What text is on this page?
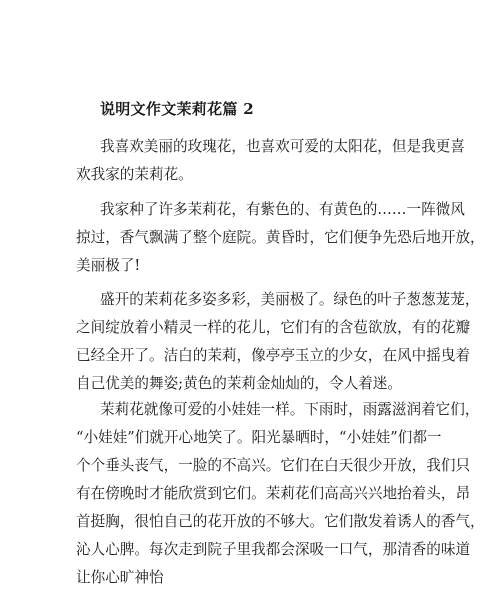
说明文作文茉莉花篇 2
我喜欢美丽的玫瑰花，也喜欢可爱的太阳花，但是我更喜
欢我家的茉莉花。
我家种了许多茉莉花，有紫色的、有黄色的……一阵微风
掠过，香气飘满了整个庭院。黄昏时，它们便争先恐后地开放，
美丽极了!
盛开的茉莉花多姿多彩，美丽极了。绿色的叶子葱葱茏茏，
之间绽放着小精灵一样的花儿，它们有的含苞欲放，有的花瓣
已经全开了。洁白的茉莉，像亭亭玉立的少女，在风中摇曳着
自己优美的舞姿;黄色的茉莉金灿灿的，令人着迷。
茉莉花就像可爱的小娃娃一样。下雨时，雨露滋润着它们，
“小娃娃”们就开心地笑了。阳光暴晒时，“小娃娃”们都一
个个垂头丧气，一脸的不高兴。它们在白天很少开放，我们只
有在傍晚时才能欣赏到它们。茉莉花们高高兴兴地抬着头，昂
首挺胸，很怕自己的花开放的不够大。它们散发着诱人的香气，
沁人心脾。每次走到院子里我都会深吸一口气，那清香的味道
让你心旷神怡
